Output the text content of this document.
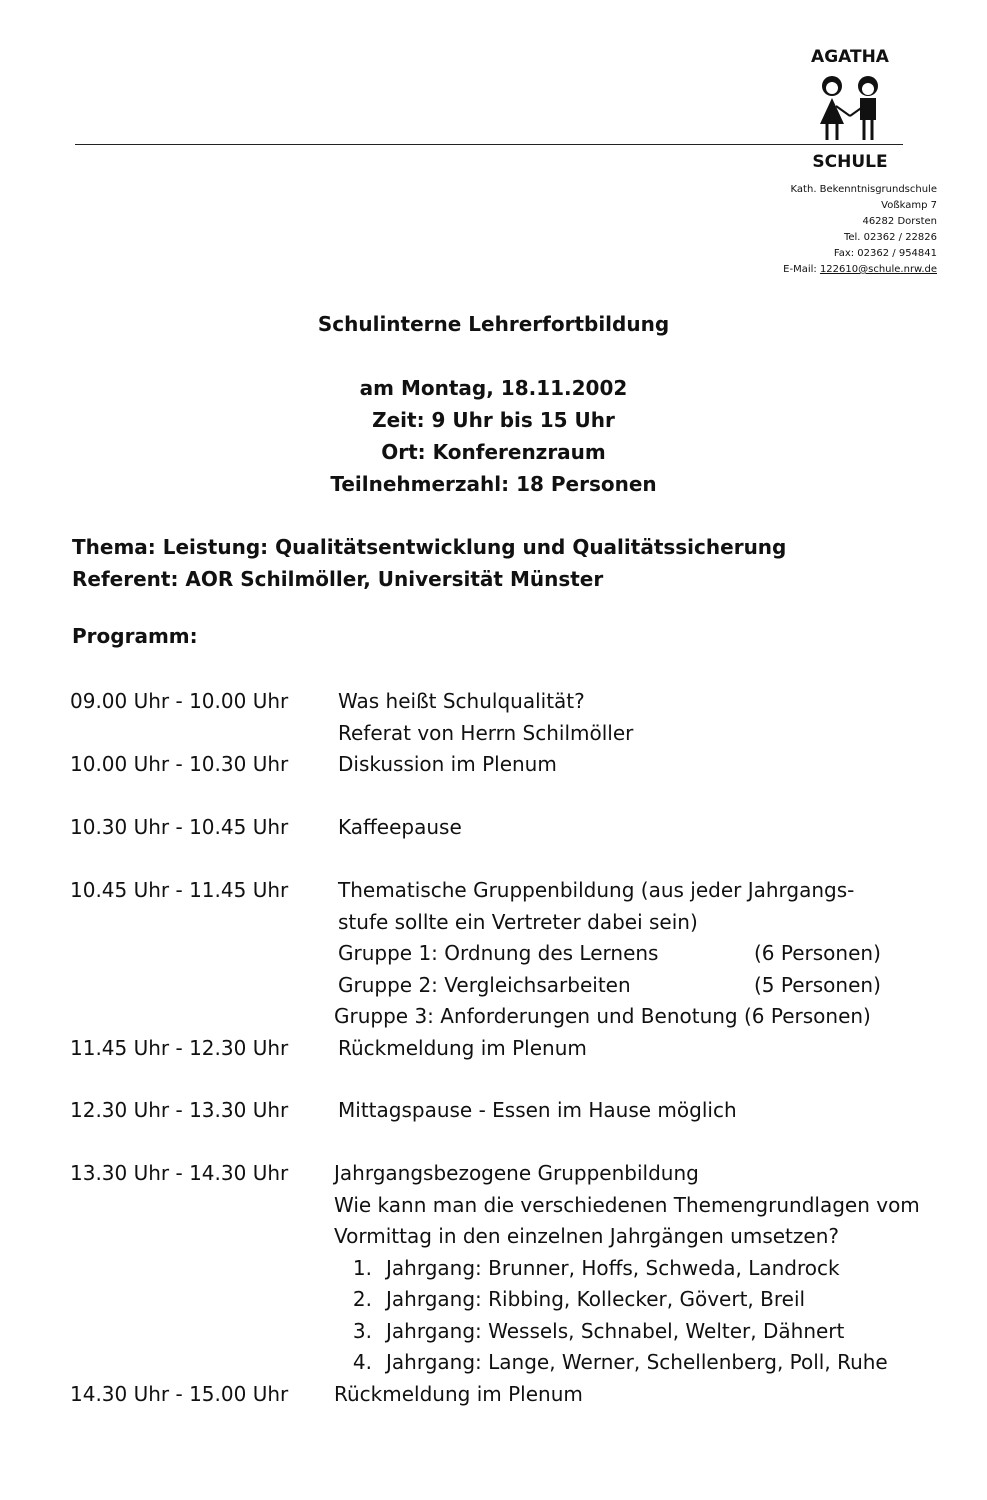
AGATHA
SCHULE
Kath. Bekenntnisgrundschule
Voßkamp 7
46282 Dorsten
Tel. 02362 / 22826
Fax: 02362 / 954841
E-Mail: 122610@schule.nrw.de
Schulinterne Lehrerfortbildung
am Montag, 18.11.2002
Zeit: 9 Uhr bis 15 Uhr
Ort: Konferenzraum
Teilnehmerzahl: 18 Personen
Thema: Leistung: Qualitätsentwicklung und Qualitätssicherung
Referent: AOR Schilmöller, Universität Münster
Programm:
09.00 Uhr - 10.00 Uhr	Was heißt Schulqualität?
Referat von Herrn Schilmöller
10.00 Uhr - 10.30 Uhr	Diskussion im Plenum
10.30 Uhr - 10.45 Uhr	Kaffeepause
10.45 Uhr - 11.45 Uhr	Thematische Gruppenbildung (aus jeder Jahrgangs-
stufe sollte ein Vertreter dabei sein)
Gruppe 1: Ordnung des Lernens	(6 Personen)
Gruppe 2: Vergleichsarbeiten	(5 Personen)
Gruppe 3: Anforderungen und Benotung (6 Personen)
11.45 Uhr - 12.30 Uhr	Rückmeldung im Plenum
12.30 Uhr - 13.30 Uhr	Mittagspause - Essen im Hause möglich
13.30 Uhr - 14.30 Uhr	Jahrgangsbezogene Gruppenbildung
Wie kann man die verschiedenen Themengrundlagen vom
Vormittag in den einzelnen Jahrgängen umsetzen?
1. Jahrgang: Brunner, Hoffs, Schweda, Landrock
2. Jahrgang: Ribbing, Kollecker, Gövert, Breil
3. Jahrgang: Wessels, Schnabel, Welter, Dähnert
4. Jahrgang: Lange, Werner, Schellenberg, Poll, Ruhe
14.30 Uhr - 15.00 Uhr	Rückmeldung im Plenum
